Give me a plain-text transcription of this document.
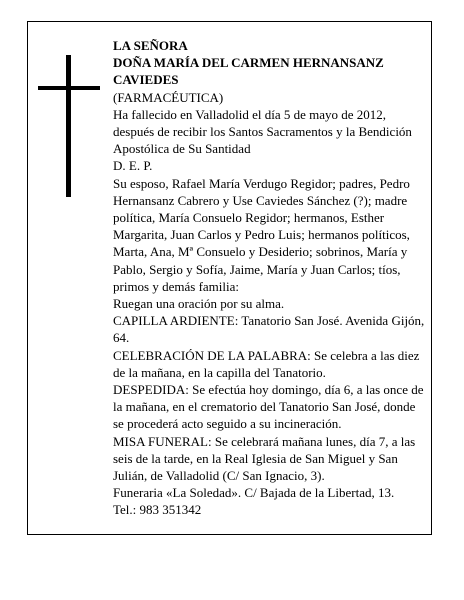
LA SEÑORA

DOÑA MARÍA DEL CARMEN HERNANSANZ

CAVIEDES

(FARMACÉUTICA)

Ha fallecido en Valladolid el día 5 de mayo de 2012, después de recibir los Santos Sacramentos y la Bendición Apostólica de Su Santidad

D. E. P.

Su esposo, Rafael María Verdugo Regidor; padres, Pedro Hernansanz Cabrero y Use Caviedes Sánchez (?); madre política, María Consuelo Regidor; hermanos, Esther Margarita, Juan Carlos y Pedro Luis; hermanos políticos, Marta, Ana, Mª Consuelo y Desiderio; sobrinos, María y Pablo, Sergio y Sofía, Jaime, María y Juan Carlos; tíos, primos y demás familia:

Ruegan una oración por su alma.

CAPILLA ARDIENTE: Tanatorio San José. Avenida Gijón, 64.

CELEBRACIÓN DE LA PALABRA: Se celebra a las diez de la mañana, en la capilla del Tanatorio.

DESPEDIDA: Se efectúa hoy domingo, día 6, a las once de la mañana, en el crematorio del Tanatorio San José, donde se procederá acto seguido a su incineración.

MISA FUNERAL: Se celebrará mañana lunes, día 7, a las seis de la tarde, en la Real Iglesia de San Miguel y San Julián, de Valladolid (C/ San Ignacio, 3).

Funeraria «La Soledad». C/ Bajada de la Libertad, 13.

Tel.: 983 351342
